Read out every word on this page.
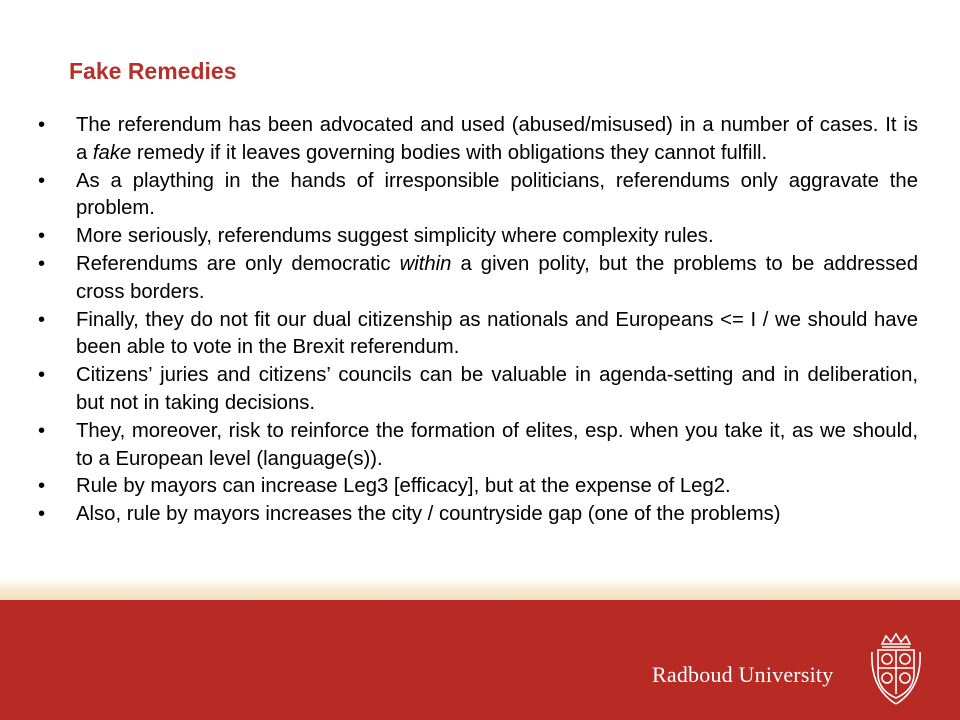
Fake Remedies
•	The referendum has been advocated and used (abused/misused) in a number of cases. It is a fake remedy if it leaves governing bodies with obligations they cannot fulfill.
•	As a plaything in the hands of irresponsible politicians, referendums only aggravate the problem.
•	More seriously, referendums suggest simplicity where complexity rules.
•	Referendums are only democratic within a given polity, but the problems to be addressed cross borders.
•	Finally, they do not fit our dual citizenship as nationals and Europeans <= I / we should have been able to vote in the Brexit referendum.
•	Citizens’ juries and citizens’ councils can be valuable in agenda-setting and in deliberation, but not in taking decisions.
•	They, moreover, risk to reinforce the formation of elites, esp. when you take it, as we should, to a European level (language(s)).
•	Rule by mayors can increase Leg3 [efficacy], but at the expense of Leg2.
•	Also, rule by mayors increases the city / countryside gap (one of the problems)
Radboud University
